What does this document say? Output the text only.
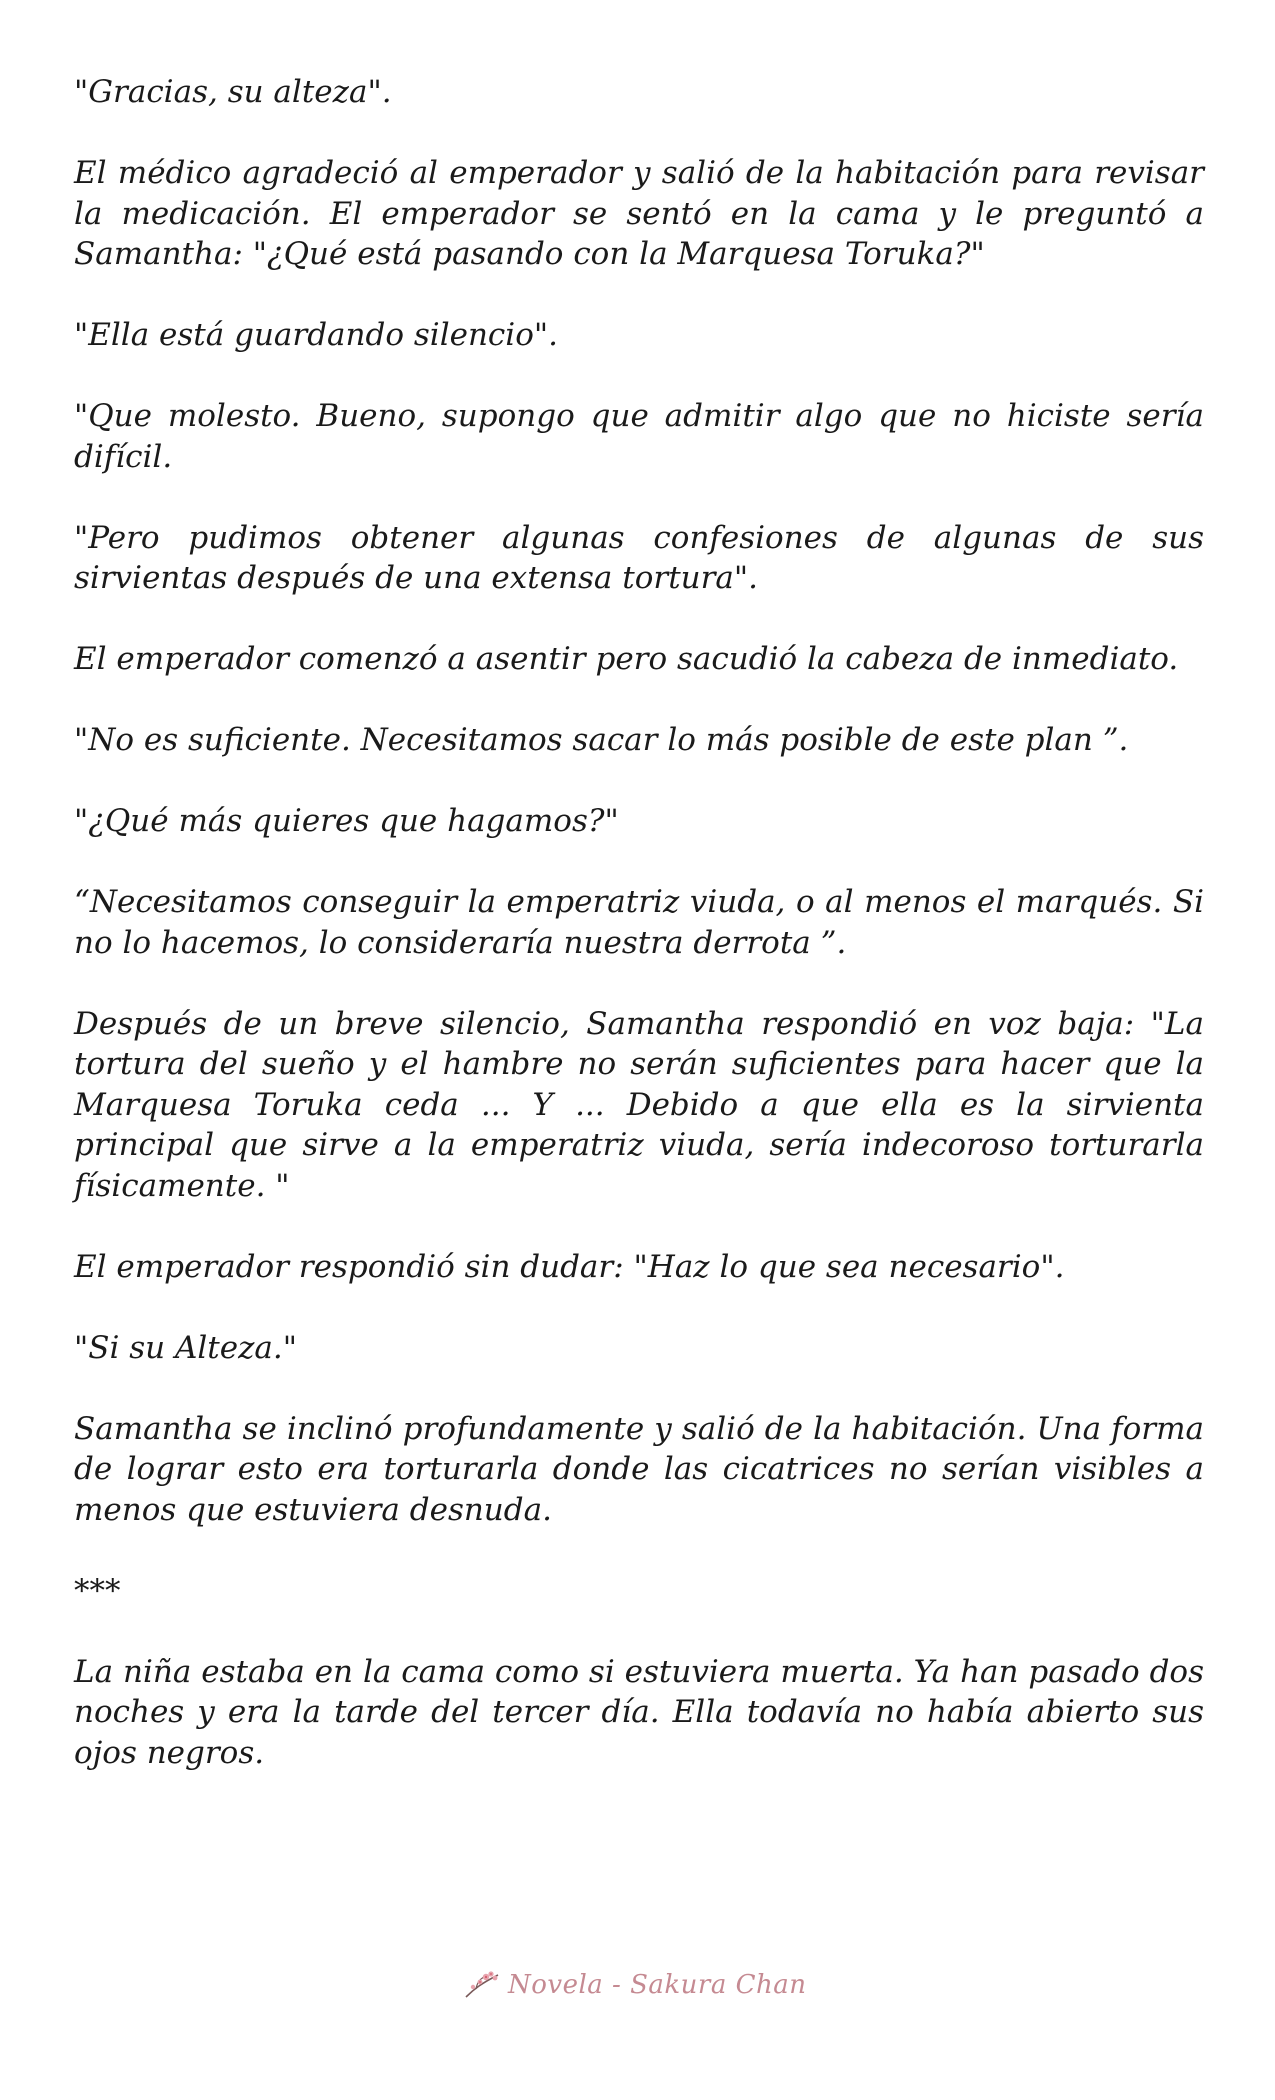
"Gracias, su alteza".

El médico agradeció al emperador y salió de la habitación para revisar la medicación. El emperador se sentó en la cama y le preguntó a Samantha: "¿Qué está pasando con la Marquesa Toruka?"

"Ella está guardando silencio".

"Que molesto. Bueno, supongo que admitir algo que no hiciste sería difícil.

"Pero pudimos obtener algunas confesiones de algunas de sus sirvientas después de una extensa tortura".

El emperador comenzó a asentir pero sacudió la cabeza de inmediato.

"No es suficiente. Necesitamos sacar lo más posible de este plan ”.

"¿Qué más quieres que hagamos?"

“Necesitamos conseguir la emperatriz viuda, o al menos el marqués. Si no lo hacemos, lo consideraría nuestra derrota ”.

Después de un breve silencio, Samantha respondió en voz baja: "La tortura del sueño y el hambre no serán suficientes para hacer que la Marquesa Toruka ceda ... Y ... Debido a que ella es la sirvienta principal que sirve a la emperatriz viuda, sería indecoroso torturarla físicamente. "

El emperador respondió sin dudar: "Haz lo que sea necesario".

"Si su Alteza."

Samantha se inclinó profundamente y salió de la habitación. Una forma de lograr esto era torturarla donde las cicatrices no serían visibles a menos que estuviera desnuda.

***

La niña estaba en la cama como si estuviera muerta. Ya han pasado dos noches y era la tarde del tercer día. Ella todavía no había abierto sus ojos negros.

Novela - Sakura Chan
